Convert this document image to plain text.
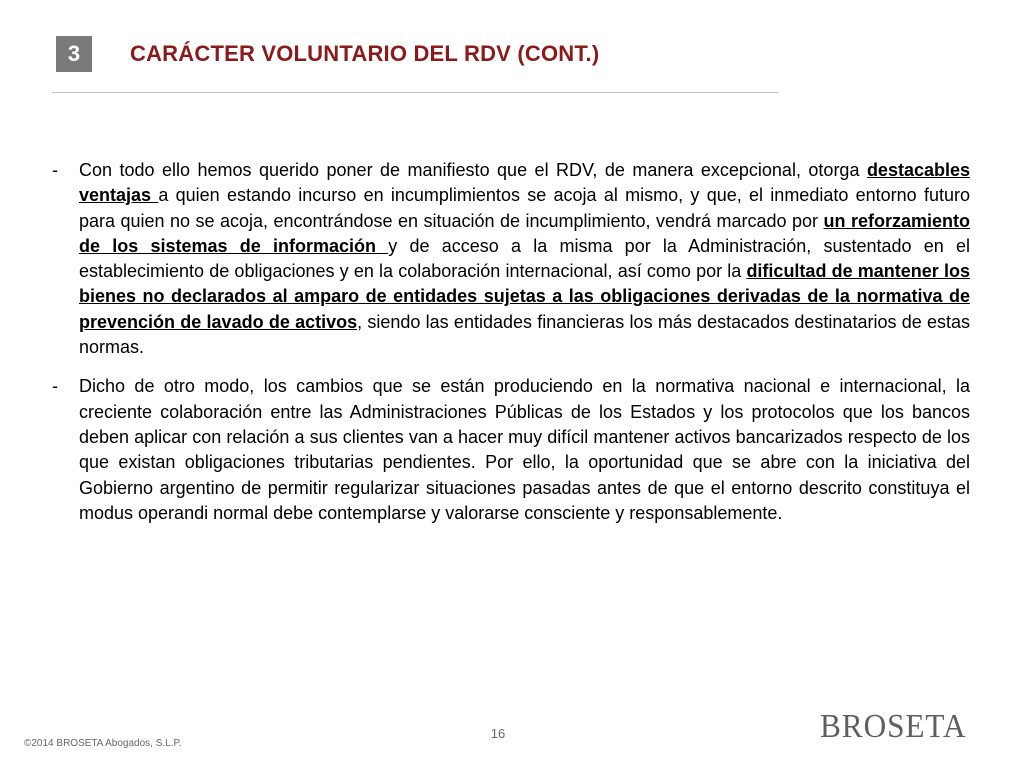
3	CARÁCTER VOLUNTARIO DEL RDV (CONT.)
-	Con todo ello hemos querido poner de manifiesto que el RDV, de manera excepcional, otorga destacables ventajas a quien estando incurso en incumplimientos se acoja al mismo, y que, el inmediato entorno futuro para quien no se acoja, encontrándose en situación de incumplimiento, vendrá marcado por un reforzamiento de los sistemas de información y de acceso a la misma por la Administración, sustentado en el establecimiento de obligaciones y en la colaboración internacional, así como por la dificultad de mantener los bienes no declarados al amparo de entidades sujetas a las obligaciones derivadas de la normativa de prevención de lavado de activos, siendo las entidades financieras los más destacados destinatarios de estas normas.

-	Dicho de otro modo, los cambios que se están produciendo en la normativa nacional e internacional, la creciente colaboración entre las Administraciones Públicas de los Estados y los protocolos que los bancos deben aplicar con relación a sus clientes van a hacer muy difícil mantener activos bancarizados respecto de los que existan obligaciones tributarias pendientes. Por ello, la oportunidad que se abre con la iniciativa del Gobierno argentino de permitir regularizar situaciones pasadas antes de que el entorno descrito constituya el modus operandi normal debe contemplarse y valorarse consciente y responsablemente.

16
©2014 BROSETA Abogados, S.L.P.	BROSETA
